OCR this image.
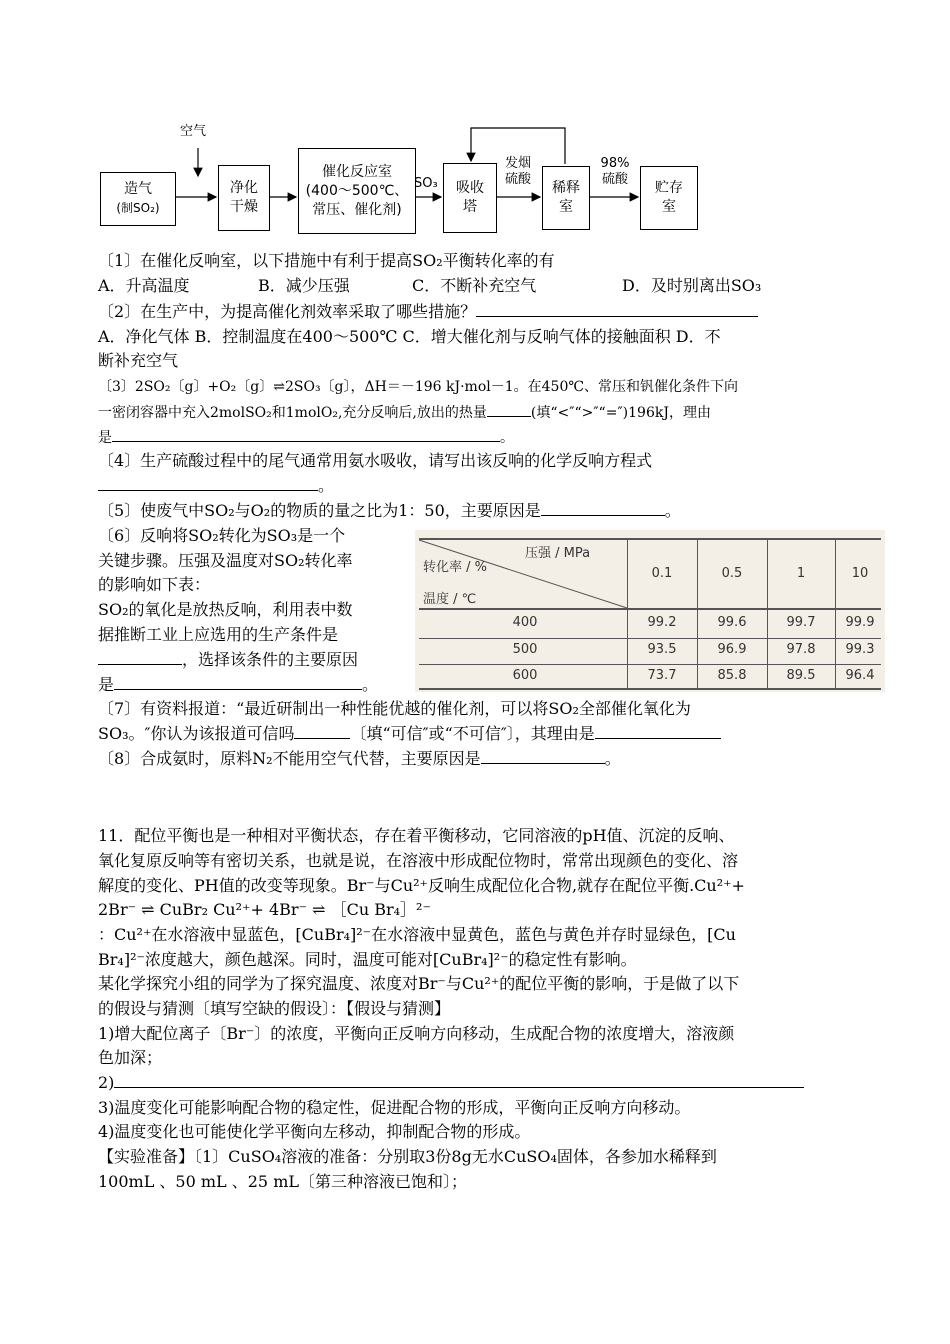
空气
造气
(制SO₂)
净化
干燥
催化反应室
(400～500℃、
常压、催化剂)
SO₃ 吸收
塔
发烟
硫酸
稀释
室
98%
硫酸
贮存
室
〔1〕在催化反响室，以下措施中有利于提高SO₂平衡转化率的有
A．升高温度	B．减少压强	C．不断补充空气	D．及时别离出SO₃
〔2〕在生产中，为提高催化剂效率采取了哪些措施？
A．净化气体 B．控制温度在400～500℃ C．增大催化剂与反响气体的接触面积 D．不
断补充空气
〔3〕2SO₂〔g〕+O₂〔g〕⇌2SO₃〔g〕，ΔH＝－196 kJ·mol－1。在450℃、常压和钒催化条件下向
一密闭容器中充入2molSO₂和1molO₂,充分反响后,放出的热量	(填“<″“>″“=″)196kJ，理由
是	。
〔4〕生产硫酸过程中的尾气通常用氨水吸收，请写出该反响的化学反响方程式
。
〔5〕使废气中SO₂与O₂的物质的量之比为1：50，主要原因是	。
〔6〕反响将SO₂转化为SO₃是一个
关键步骤。压强及温度对SO₂转化率
的影响如下表：
SO₂的氧化是放热反响，利用表中数
据推断工业上应选用的生产条件是
，选择该条件的主要原因
是	。
转化率 / %
压强 / MPa
温度 / ℃
0.1	0.5	1	10
400	99.2	99.6	99.7	99.9
500	93.5	96.9	97.8	99.3
600	73.7	85.8	89.5	96.4
〔7〕有资料报道：“最近研制出一种性能优越的催化剂，可以将SO₂全部催化氧化为
SO₃。″你认为该报道可信吗	〔填“可信″或“不可信″〕，其理由是
〔8〕合成氨时，原料N₂不能用空气代替，主要原因是	。
11．配位平衡也是一种相对平衡状态，存在着平衡移动，它同溶液的pH值、沉淀的反响、
氧化复原反响等有密切关系，也就是说，在溶液中形成配位物时，常常出现颜色的变化、溶
解度的变化、PH值的改变等现象。Br⁻与Cu²⁺反响生成配位化合物,就存在配位平衡.Cu²⁺+
2Br⁻ ⇌ CuBr₂ Cu²⁺+ 4Br⁻ ⇌ ［Cu Br₄］²⁻
：Cu²⁺在水溶液中显蓝色，[CuBr₄]²⁻在水溶液中显黄色，蓝色与黄色并存时显绿色，[Cu
Br₄]²⁻浓度越大，颜色越深。同时，温度可能对[CuBr₄]²⁻的稳定性有影响。
某化学探究小组的同学为了探究温度、浓度对Br⁻与Cu²⁺的配位平衡的影响，于是做了以下
的假设与猜测〔填写空缺的假设〕：【假设与猜测】
1)增大配位离子〔Br⁻〕的浓度，平衡向正反响方向移动，生成配合物的浓度增大，溶液颜
色加深；
2)
3)温度变化可能影响配合物的稳定性，促进配合物的形成，平衡向正反响方向移动。
4)温度变化也可能使化学平衡向左移动，抑制配合物的形成。
【实验准备】〔1〕CuSO₄溶液的准备：分别取3份8g无水CuSO₄固体，各参加水稀释到
100mL 、50 mL 、25 mL〔第三种溶液已饱和〕；
